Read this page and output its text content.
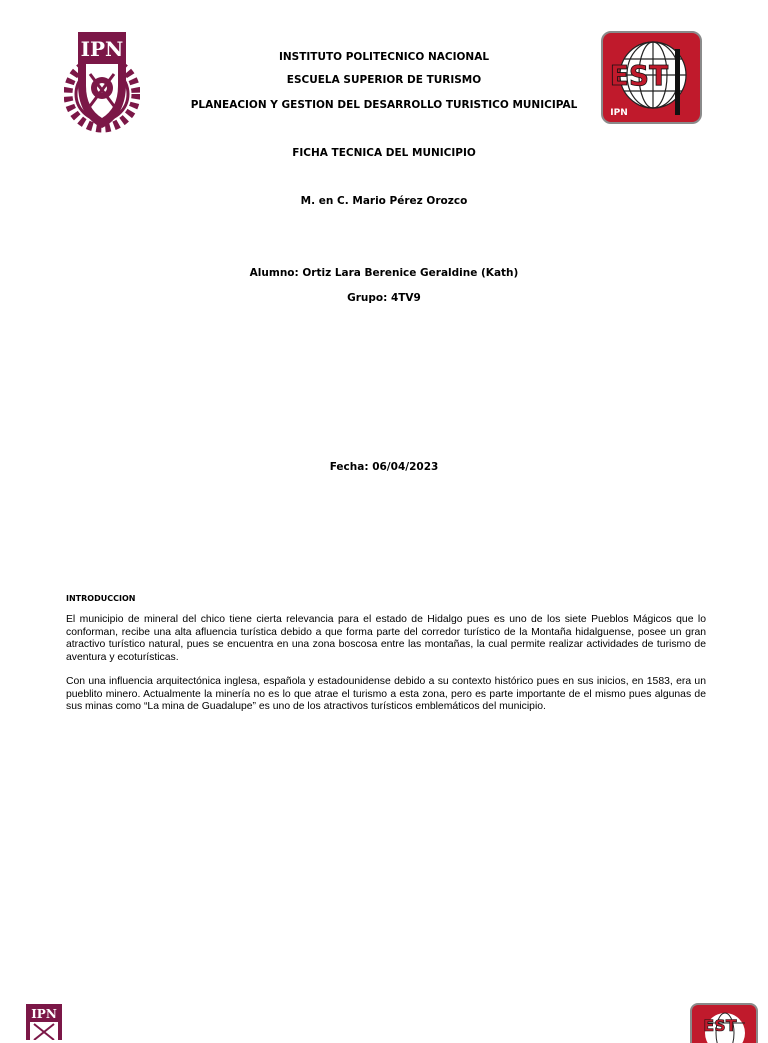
IPN
EST
IPN
INSTITUTO POLITECNICO NACIONAL
ESCUELA SUPERIOR DE TURISMO
PLANEACION Y GESTION DEL DESARROLLO TURISTICO MUNICIPAL
FICHA TECNICA DEL MUNICIPIO
M. en C. Mario Pérez Orozco
Alumno: Ortiz Lara Berenice Geraldine (Kath)
Grupo: 4TV9
Fecha: 06/04/2023
INTRODUCCION
El municipio de mineral del chico tiene cierta relevancia para el estado de Hidalgo pues es uno de los siete Pueblos Mágicos que lo conforman, recibe una alta afluencia turística debido a que forma parte del corredor turístico de la Montaña hidalguense, posee un gran atractivo turístico natural, pues se encuentra en una zona boscosa entre las montañas, la cual permite realizar actividades de turismo de aventura y ecoturísticas.
Con una influencia arquitectónica inglesa, española y estadounidense debido a su contexto histórico pues en sus inicios, en 1583, era un pueblito minero. Actualmente la minería no es lo que atrae el turismo a esta zona, pero es parte importante de el mismo pues algunas de sus minas como “La mina de Guadalupe” es uno de los atractivos turísticos emblemáticos del municipio.
IPN
EST
